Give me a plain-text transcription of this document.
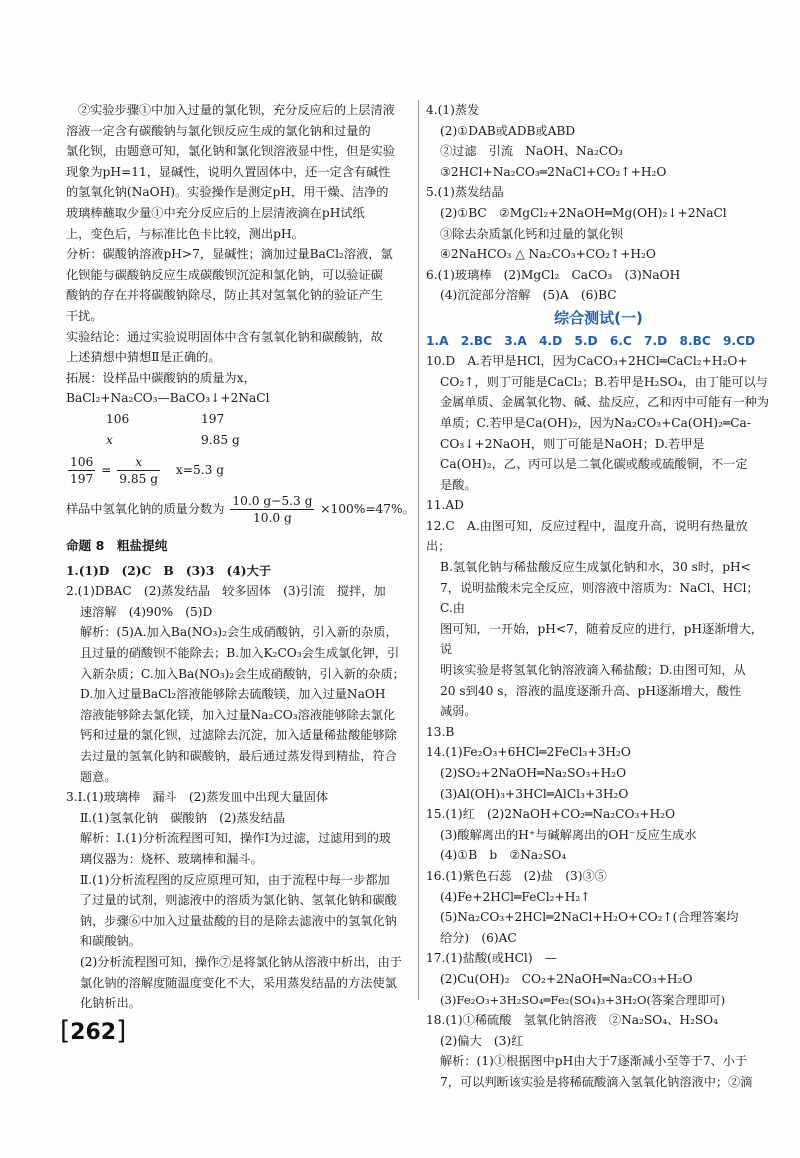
②实验步骤①中加入过量的氯化钡，充分反应后的上层清液

溶液一定含有碳酸钠与氯化钡反应生成的氯化钠和过量的

氯化钡，由题意可知，氯化钠和氯化钡溶液显中性，但是实验

现象为pH=11，显碱性，说明久置固体中，还一定含有碱性

的氢氧化钠(NaOH)。实验操作是测定pH，用干燥、洁净的

玻璃棒蘸取少量①中充分反应后的上层清液滴在pH试纸

上，变色后，与标准比色卡比较，测出pH。

分析：碳酸钠溶液pH>7，显碱性；滴加过量BaCl₂溶液，氯

化钡能与碳酸钠反应生成碳酸钡沉淀和氯化钠，可以验证碳

酸钠的存在并将碳酸钠除尽，防止其对氢氧化钠的验证产生

干扰。

实验结论：通过实验说明固体中含有氢氧化钠和碳酸钠，故

上述猜想中猜想Ⅱ是正确的。

拓展：设样品中碳酸钠的质量为x，

BaCl₂+Na₂CO₃—BaCO₃↓+2NaCl

106	197
x	9.85 g
$\frac{106}{197} = \frac{x}{9.85 g} x=5.3$ g
样品中氢氧化钠的质量分数为 $\frac{10.0 g-5.3 g}{10.0 g} \times 100\%=47\%$。

命题 8　粗盐提纯

1.(1)D　(2)C　B　(3)3　(4)大于

2.(1)DBAC　(2)蒸发结晶　较多固体　(3)引流　搅拌，加

速溶解　(4)90%　(5)D

解析：(5)A.加入Ba(NO₃)₂会生成硝酸钠，引入新的杂质，

且过量的硝酸钡不能除去；B.加入K₂CO₃会生成氯化钾，引

入新杂质；C.加入Ba(NO₃)₂会生成硝酸钠，引入新的杂质；

D.加入过量BaCl₂溶液能够除去硫酸镁，加入过量NaOH

溶液能够除去氯化镁，加入过量Na₂CO₃溶液能够除去氯化

钙和过量的氯化钡，过滤除去沉淀，加入适量稀盐酸能够除

去过量的氢氧化钠和碳酸钠，最后通过蒸发得到精盐，符合

题意。

3.Ⅰ.(1)玻璃棒　漏斗　(2)蒸发皿中出现大量固体

Ⅱ.(1)氢氧化钠　碳酸钠　(2)蒸发结晶

解析：Ⅰ.(1)分析流程图可知，操作Ⅰ为过滤，过滤用到的玻

璃仪器为：烧杯、玻璃棒和漏斗。

Ⅱ.(1)分析流程图的反应原理可知，由于流程中每一步都加

了过量的试剂，则滤液中的溶质为氯化钠、氢氧化钠和碳酸

钠，步骤⑥中加入过量盐酸的目的是除去滤液中的氢氧化钠

和碳酸钠。

(2)分析流程图可知，操作⑦是将氯化钠从溶液中析出，由于

氯化钠的溶解度随温度变化不大，采用蒸发结晶的方法使氯

化钠析出。

4.(1)蒸发

(2)①DAB或ADB或ABD

②过滤　引流　NaOH、Na₂CO₃

③2HCl+Na₂CO₃═2NaCl+CO₂↑+H₂O

5.(1)蒸发结晶

(2)①BC　②MgCl₂+2NaOH═Mg(OH)₂↓+2NaCl

③除去杂质氯化钙和过量的氯化钡

④2NaHCO₃ △ Na₂CO₃+CO₂↑+H₂O

6.(1)玻璃棒　(2)MgCl₂　CaCO₃　(3)NaOH

(4)沉淀部分溶解　(5)A　(6)BC

综合测试(一)

1.A　2.BC　3.A　4.D　5.D　6.C　7.D　8.BC　9.CD

10.D　A.若甲是HCl，因为CaCO₃+2HCl═CaCl₂+H₂O+

CO₂↑，则丁可能是CaCl₂；B.若甲是H₂SO₄，由丁能可以与

金属单质、金属氧化物、碱、盐反应，乙和丙中可能有一种为

单质；C.若甲是Ca(OH)₂，因为Na₂CO₃+Ca(OH)₂═Ca-

CO₃↓+2NaOH，则丁可能是NaOH；D.若甲是

Ca(OH)₂，乙、丙可以是二氧化碳或酸或硫酸铜，不一定

是酸。

11.AD

12.C　A.由图可知，反应过程中，温度升高，说明有热量放出；

B.氢氧化钠与稀盐酸反应生成氯化钠和水，30 s时，pH<

7，说明盐酸未完全反应，则溶液中溶质为：NaCl、HCl；C.由

图可知，一开始，pH<7，随着反应的进行，pH逐渐增大，说

明该实验是将氢氧化钠溶液滴入稀盐酸；D.由图可知，从

20 s到40 s，溶液的温度逐渐升高、pH逐渐增大，酸性

减弱。

13.B

14.(1)Fe₂O₃+6HCl═2FeCl₃+3H₂O

(2)SO₂+2NaOH═Na₂SO₃+H₂O

(3)Al(OH)₃+3HCl═AlCl₃+3H₂O

15.(1)红　(2)2NaOH+CO₂═Na₂CO₃+H₂O

(3)酸解离出的H⁺与碱解离出的OH⁻反应生成水

(4)①B　b　②Na₂SO₄

16.(1)紫色石蕊　(2)盐　(3)③⑤

(4)Fe+2HCl═FeCl₂+H₂↑

(5)Na₂CO₃+2HCl═2NaCl+H₂O+CO₂↑(合理答案均

给分)　(6)AC

17.(1)盐酸(或HCl)　—

(2)Cu(OH)₂　CO₂+2NaOH═Na₂CO₃+H₂O

(3)Fe₂O₃+3H₂SO₄═Fe₂(SO₄)₃+3H₂O(答案合理即可)

18.(1)①稀硫酸　氢氧化钠溶液　②Na₂SO₄、H₂SO₄

(2)偏大　(3)红

解析：(1)①根据图中pH由大于7逐渐减小至等于7、小于

7，可以判断该实验是将稀硫酸滴入氢氧化钠溶液中；②滴

[262]
